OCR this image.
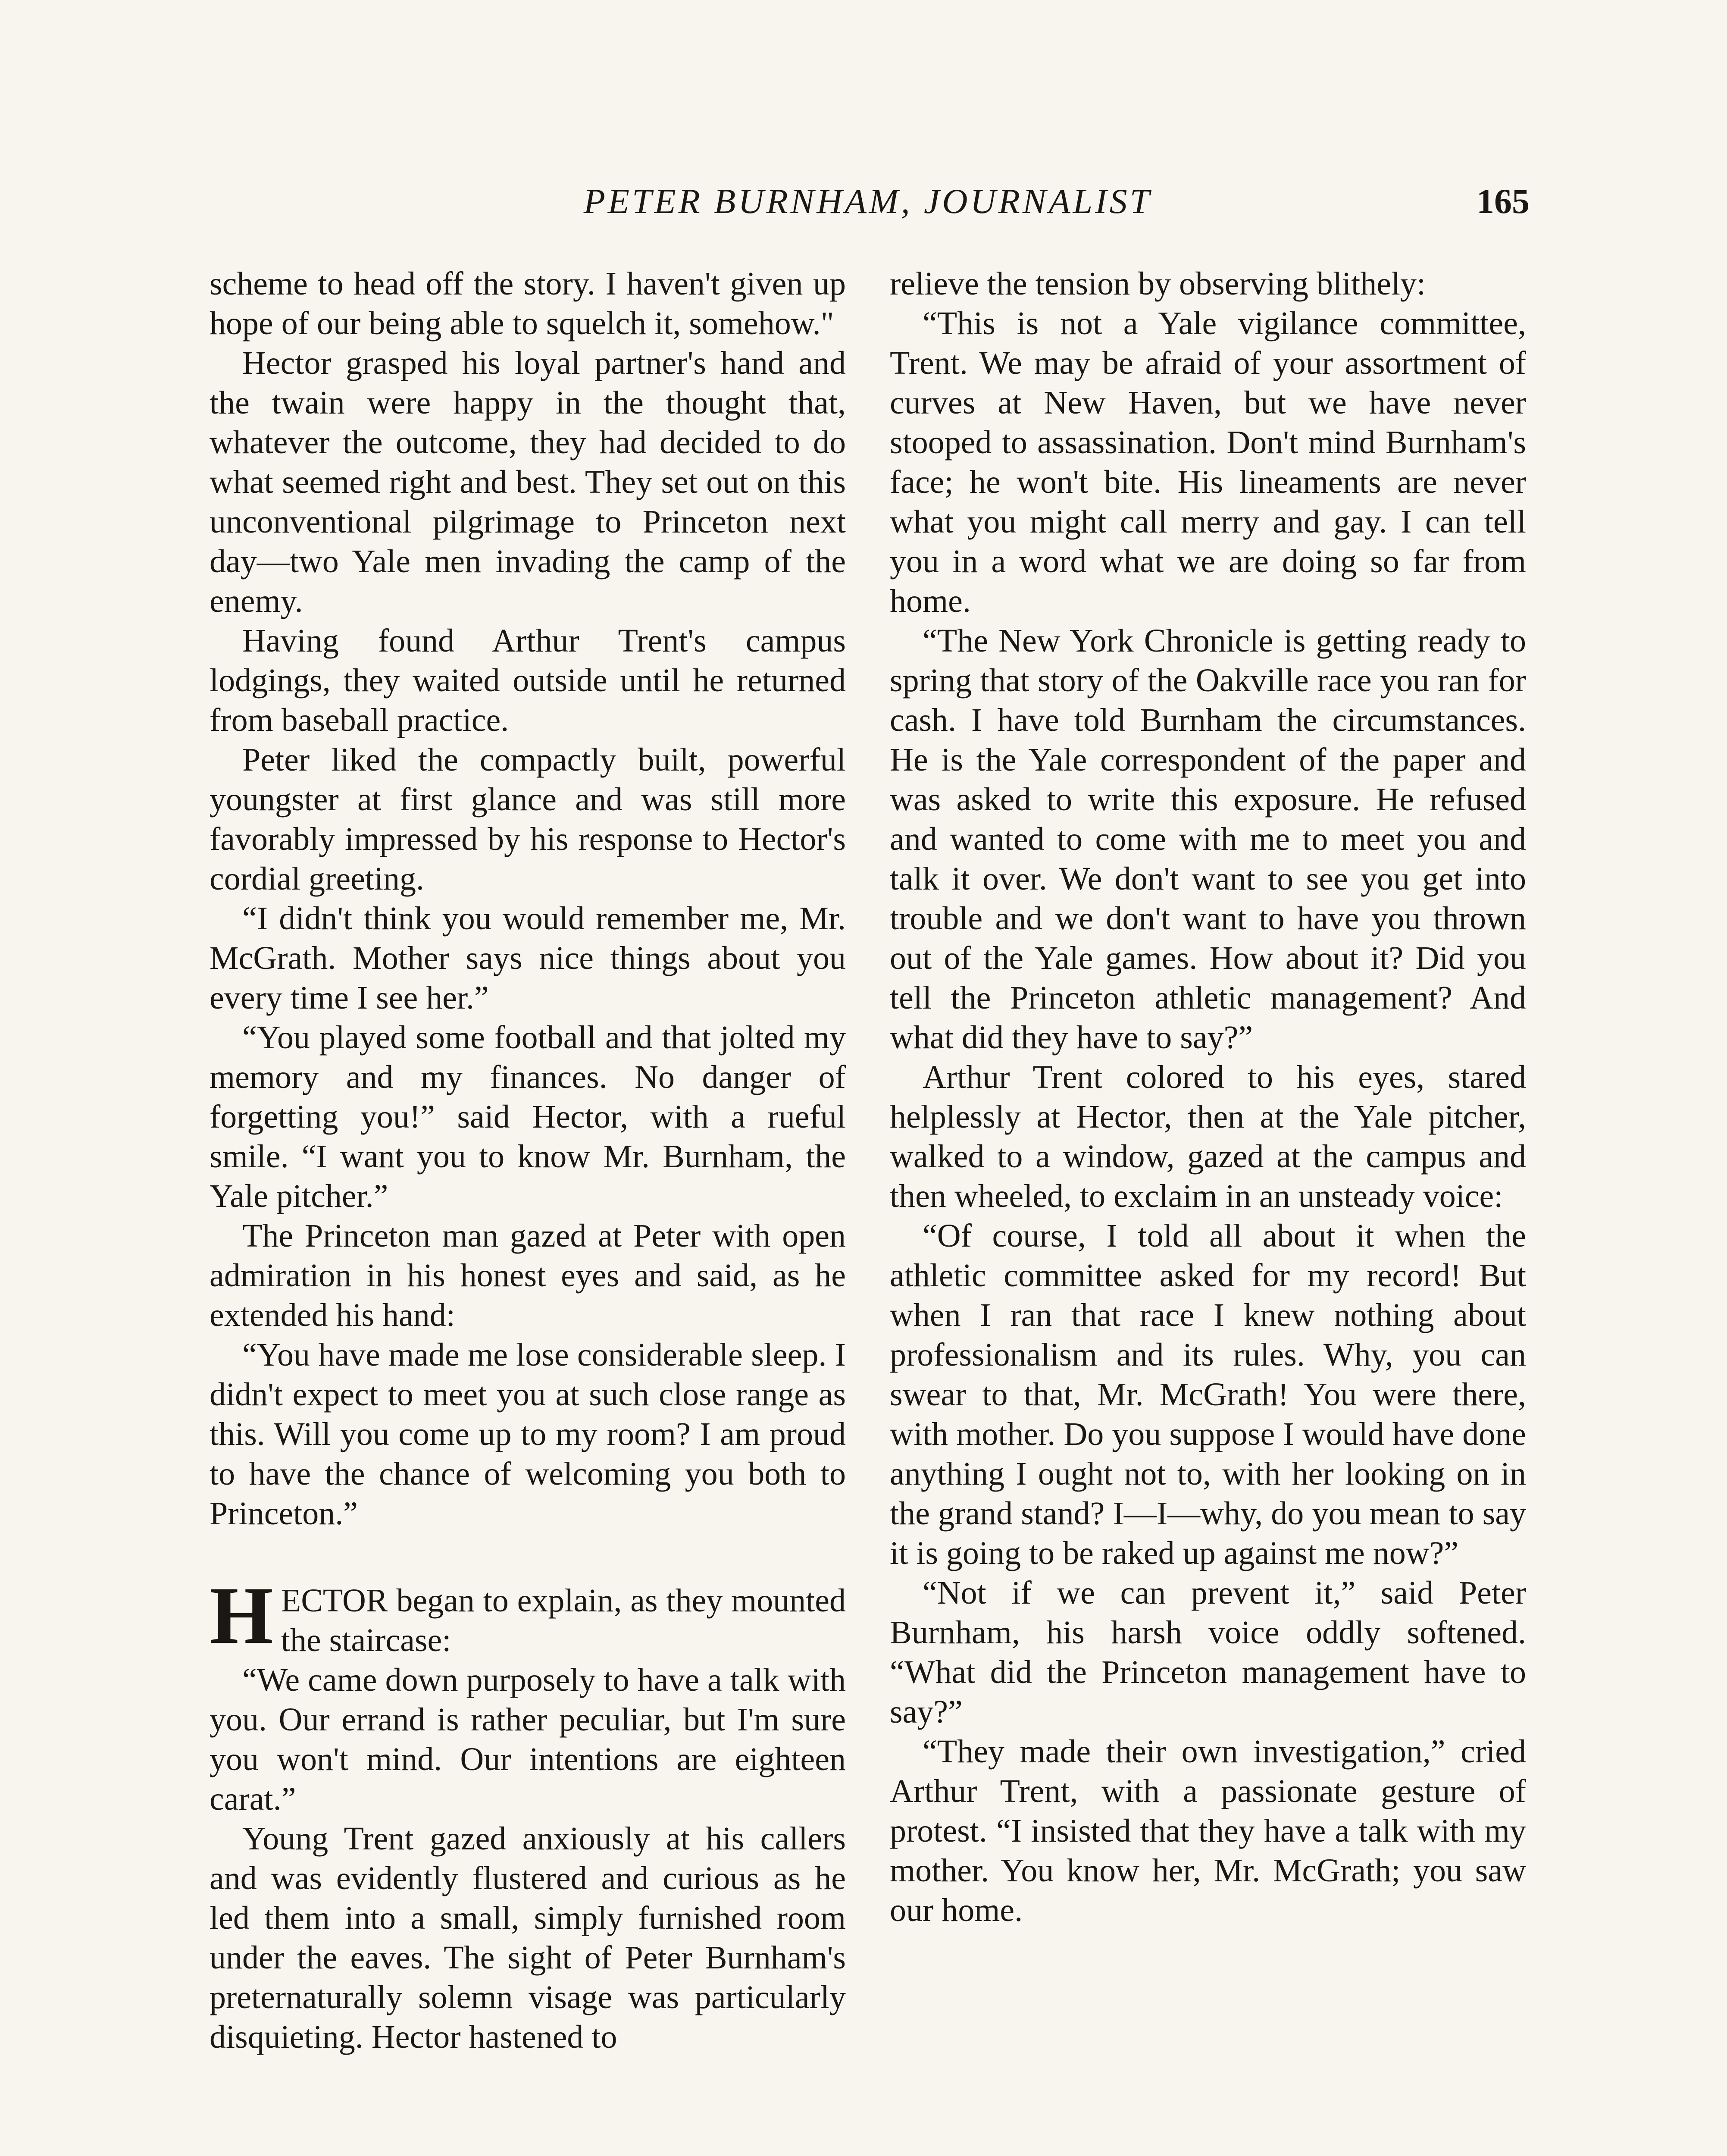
PETER BURNHAM, JOURNALIST	165

scheme to head off the story. I haven't given up hope of our being able to squelch it, somehow."

Hector grasped his loyal partner's hand and the twain were happy in the thought that, whatever the outcome, they had decided to do what seemed right and best. They set out on this unconventional pilgrimage to Princeton next day—two Yale men invading the camp of the enemy.

Having found Arthur Trent's campus lodgings, they waited outside until he returned from baseball practice.

Peter liked the compactly built, powerful youngster at first glance and was still more favorably impressed by his response to Hector's cordial greeting.

“I didn't think you would remember me, Mr. McGrath. Mother says nice things about you every time I see her.”

“You played some football and that jolted my memory and my finances. No danger of forgetting you!” said Hector, with a rueful smile. “I want you to know Mr. Burnham, the Yale pitcher.”

The Princeton man gazed at Peter with open admiration in his honest eyes and said, as he extended his hand:

“You have made me lose considerable sleep. I didn't expect to meet you at such close range as this. Will you come up to my room? I am proud to have the chance of welcoming you both to Princeton.”

HECTOR began to explain, as they mounted the staircase:

“We came down purposely to have a talk with you. Our errand is rather peculiar, but I'm sure you won't mind. Our intentions are eighteen carat.”

Young Trent gazed anxiously at his callers and was evidently flustered and curious as he led them into a small, simply furnished room under the eaves. The sight of Peter Burnham's preternaturally solemn visage was particularly disquieting. Hector hastened to

relieve the tension by observing blithely:

“This is not a Yale vigilance committee, Trent. We may be afraid of your assortment of curves at New Haven, but we have never stooped to assassination. Don't mind Burnham's face; he won't bite. His lineaments are never what you might call merry and gay. I can tell you in a word what we are doing so far from home.

“The New York Chronicle is getting ready to spring that story of the Oakville race you ran for cash. I have told Burnham the circumstances. He is the Yale correspondent of the paper and was asked to write this exposure. He refused and wanted to come with me to meet you and talk it over. We don't want to see you get into trouble and we don't want to have you thrown out of the Yale games. How about it? Did you tell the Princeton athletic management? And what did they have to say?”

Arthur Trent colored to his eyes, stared helplessly at Hector, then at the Yale pitcher, walked to a window, gazed at the campus and then wheeled, to exclaim in an unsteady voice:

“Of course, I told all about it when the athletic committee asked for my record! But when I ran that race I knew nothing about professionalism and its rules. Why, you can swear to that, Mr. McGrath! You were there, with mother. Do you suppose I would have done anything I ought not to, with her looking on in the grand stand? I—I—why, do you mean to say it is going to be raked up against me now?”

“Not if we can prevent it,” said Peter Burnham, his harsh voice oddly softened. “What did the Princeton management have to say?”

“They made their own investigation,” cried Arthur Trent, with a passionate gesture of protest. “I insisted that they have a talk with my mother. You know her, Mr. McGrath; you saw our home.
